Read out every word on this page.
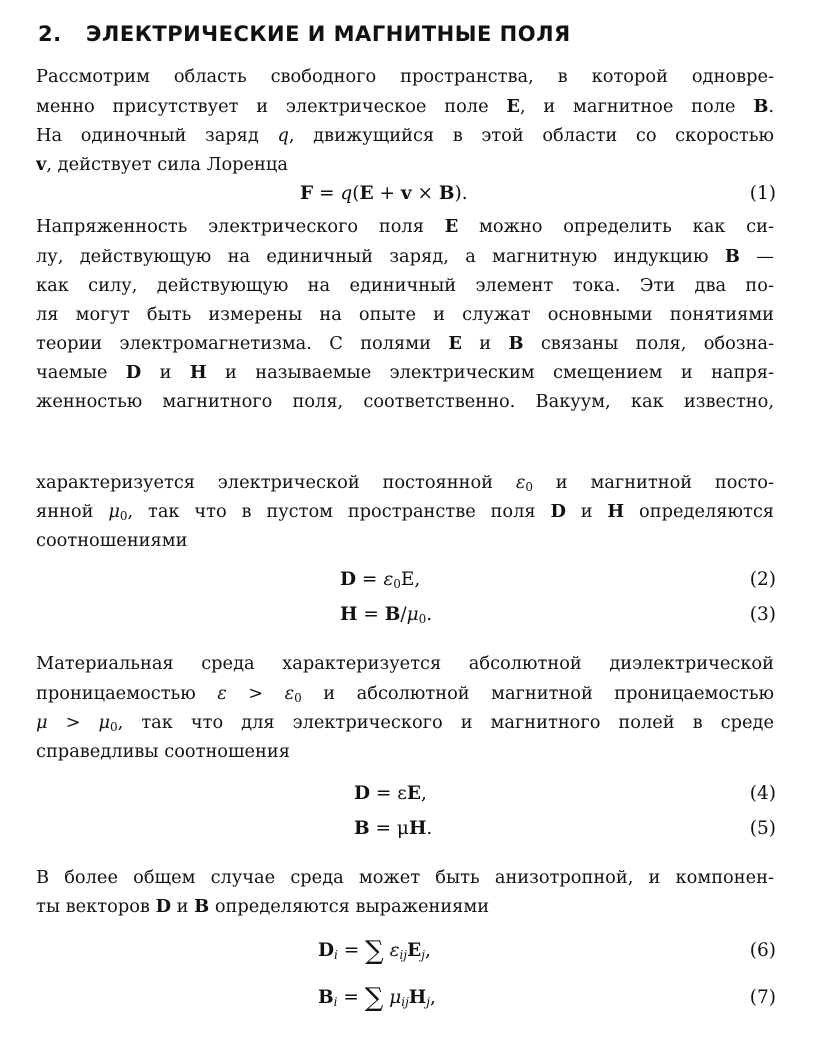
2. ЭЛЕКТРИЧЕСКИЕ И МАГНИТНЫЕ ПОЛЯ
Рассмотрим область свободного пространства, в которой одновре-
менно присутствует и электрическое поле E, и магнитное поле B.
На одиночный заряд q, движущийся в этой области со скоростью
v, действует сила Лоренца
F = q(E + v × B).	(1)
Напряженность электрического поля E можно определить как си-
лу, действующую на единичный заряд, а магнитную индукцию B —
как силу, действующую на единичный элемент тока. Эти два по-
ля могут быть измерены на опыте и служат основными понятиями
теории электромагнетизма. С полями E и B связаны поля, обозна-
чаемые D и H и называемые электрическим смещением и напря-
женностью магнитного поля, соответственно. Вакуум, как известно,
характеризуется электрической постоянной $\varepsilon_0$ и магнитной посто-
янной $\mu_0$, так что в пустом пространстве поля D и H определяются
соотношениями
$D = \varepsilon_0E$,	(2)
$H = B/\mu_0$.	(3)
Материальная среда характеризуется абсолютной диэлектрической
проницаемостью $\varepsilon > \varepsilon_0$ и абсолютной магнитной проницаемостью
$\mu > \mu_0$, так что для электрического и магнитного полей в среде
справедливы соотношения
D = εE,	(4)
B = μH.	(5)
В более общем случае среда может быть анизотропной, и компонен-
ты векторов D и B определяются выражениями
$D_i$ = ∑ $\varepsilon_{ij}E_j$,	(6)
$B_i$ = ∑ $\mu_{ij}H_j$,	(7)
